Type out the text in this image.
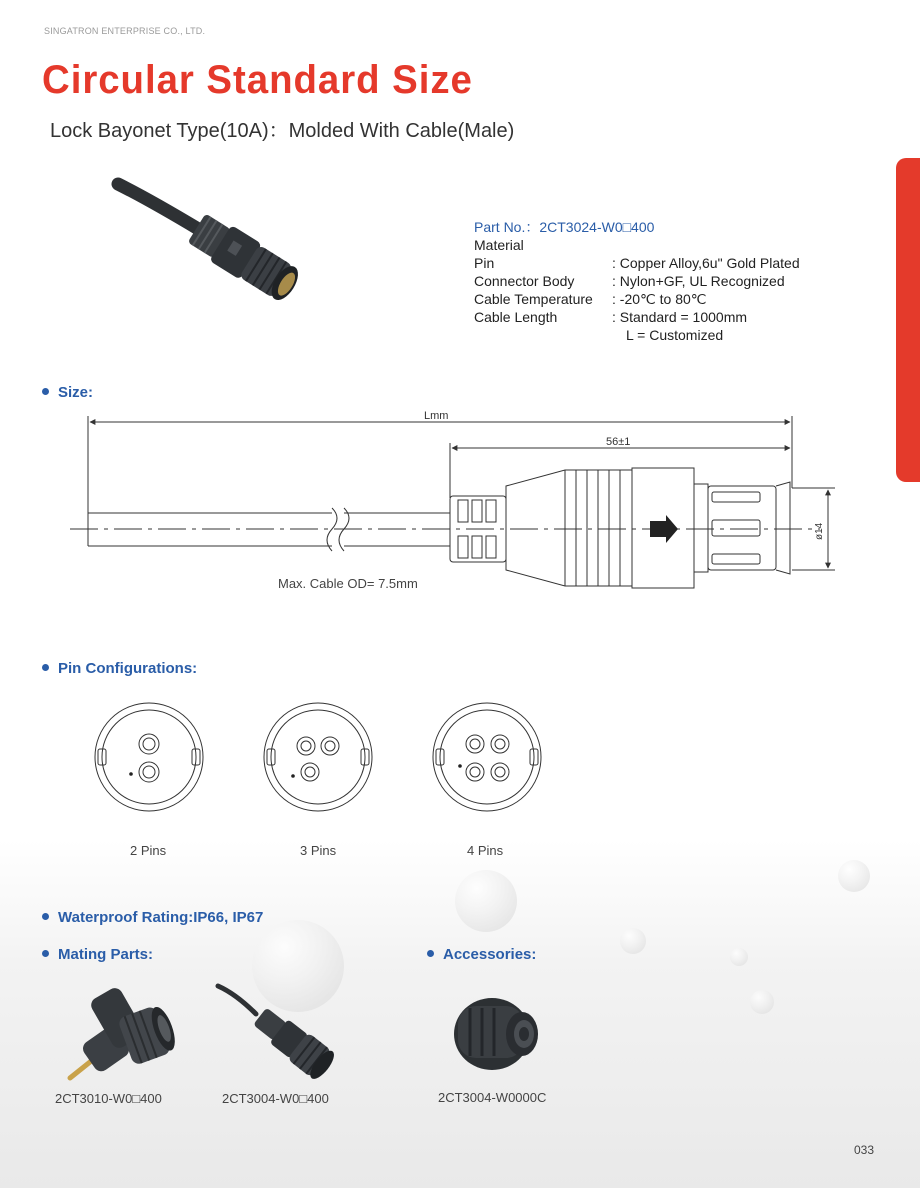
SINGATRON ENTERPRISE CO., LTD.
Circular Standard Size
Lock Bayonet Type(10A)：Molded With Cable(Male)
Part No.：2CT3024-W0□400
Material
Pin	: Copper Alloy,6u" Gold Plated
Connector Body	: Nylon+GF, UL Recognized
Cable Temperature	: -20℃ to 80℃
Cable Length	: Standard = 1000mm
L = Customized
Size:
Lmm
56±1
ø14
Max. Cable OD= 7.5mm
Pin Configurations:
2 Pins	3 Pins	4 Pins
Waterproof Rating:IP66, IP67
Mating Parts:	Accessories:
2CT3010-W0□400	2CT3004-W0□400	2CT3004-W0000C
033
